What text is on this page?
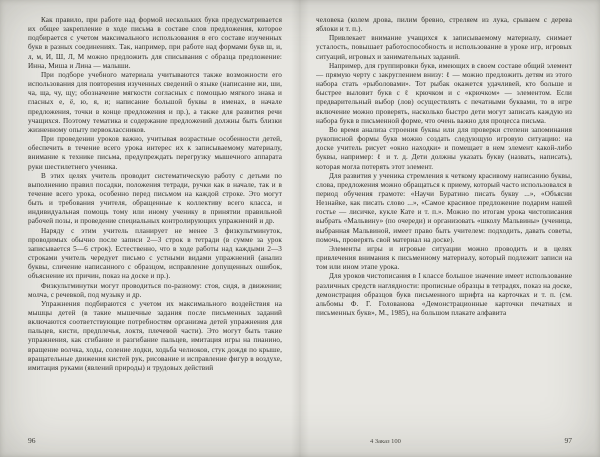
Как правило, при работе над формой нескольких букв предусматривается их общее закрепление в ходе письма в составе слов предложения, которое подбирается с учетом максимального использования в его составе изученных букв в разных соединениях. Так, например, при работе над формами букв ш, и, л, м, И, Ш, Л, М можно предложить для списывания с образца предложение: Инна, Миша и Лина — малыши.

При подборе учебного материала учитываются также возможности его использования для повторения изученных сведений о языке (написание жи, ши, ча, ща, чу, щу; обозначение мягкости согласных с помощью мягкого знака и гласных е, ё, ю, я, и; написание большой буквы в именах, в начале предложения, точки в конце предложения и пр.), а также для развития речи учащихся. Поэтому тематика и содержание предложений должны быть близки жизненному опыту первоклассников.

При проведении уроков важно, учитывая возрастные особенности детей, обеспечить в течение всего урока интерес их к записываемому материалу, внимание к технике письма, предупреждать перегрузку мышечного аппарата руки шестилетнего ученика.

В этих целях учитель проводит систематическую работу с детьми по выполнению правил посадки, положения тетради, ручки как в начале, так и в течение всего урока, особенно перед письмом на каждой строке. Это могут быть и требования учителя, обращенные к коллективу всего класса, и индивидуальная помощь тому или иному ученику в принятии правильной рабочей позы, и проведение специальных контролирующих упражнений и др.

Наряду с этим учитель планирует не менее 3 физкультминуток, проводимых обычно после записи 2—3 строк в тетради (в сумме за урок записывается 5—6 строк). Естественно, что в ходе работы над каждыми 2—3 строками учитель чередует письмо с устными видами упражнений (анализ буквы, сличение написанного с образцом, исправление допущенных ошибок, объяснение их причин, показ на доске и пр.).

Физкультминутки могут проводиться по-разному: стоя, сидя, в движении; молча, с речевкой, под музыку и др.

Упражнения подбираются с учетом их максимального воздействия на мышцы детей (в такие мышечные задания после письменных заданий включаются соответствующие потребностям организма детей упражнения для пальцев, кисти, предплечья, локтя, плечевой части). Это могут быть такие упражнения, как сгибание и разгибание пальцев, имитация игры на пианино, вращение волчка, ходы, соление лодки, ходьба челноков, стук дождя по крыше, вращательные движения кистей рук, рисование и исправление фигур в воздухе, имитация руками (явлений природы) и трудовых действий

96

человека (колем дрова, пилим бревно, стреляем из лука, срываем с дерева яблоки и т. п.).

Привлекает внимание учащихся к записываемому материалу, снимает усталость, повышает работоспособность и использование в уроке игр, игровых ситуаций, игровых и занимательных заданий.

Например, для группировки букв, имеющих в своем составе общий элемент — прямую черту с закруглением внизу: ℓ — можно предложить детям из этого набора стать «рыболовами». Тот рыбак окажется удачливей, кто больше и быстрее выловит букв с ℓ крючком и с «крючком» — элементом. Если предварительный выбор (лов) осуществлять с печатными буквами, то в игре включение можно проверять, насколько быстро дети могут записать каждую из набора букв в письменной форме, что очень важно для процесса письма.

Во время анализа строения буквы или для проверки степени запоминания рукописной формы букв можно создать следующую игровую ситуацию: на доске учитель рисует «окно находки» и помещает в нем элемент какой-либо буквы, например: ℓ и т. д. Дети должны указать букву (назвать, написать), которая могла потерять этот элемент.

Для развития у ученика стремления к четкому красивому написанию буквы, слова, предложения можно обращаться к приему, который часто использовался в период обучения грамоте: «Научи Буратино писать букву ...», «Объясни Незнайке, как писать слово ...», «Самое красивое предложение подарим нашей гостье — лисичке, кукле Кате и т. п.». Можно по итогам урока чистописания выбрать «Мальвину» (по очереди) и организовать «школу Мальвины» (ученица, выбранная Мальвиной, имеет право быть учителем: подходить, давать советы, помочь, проверять свой материал на доске).

Элементы игры и игровые ситуации можно проводить и в целях привлечения внимания к письменному материалу, который подлежит записи на том или ином этапе урока.

Для уроков чистописания в I классе большое значение имеет использование различных средств наглядности: прописные образцы в тетрадях, показ на доске, демонстрация образцов букв письменного шрифта на карточках и т. п. (см. альбомы Ф. Г. Голованова «Демонстрационные карточки печатных и письменных букв», М., 1985), на большом плакате алфавита

4 Заказ 100	97
